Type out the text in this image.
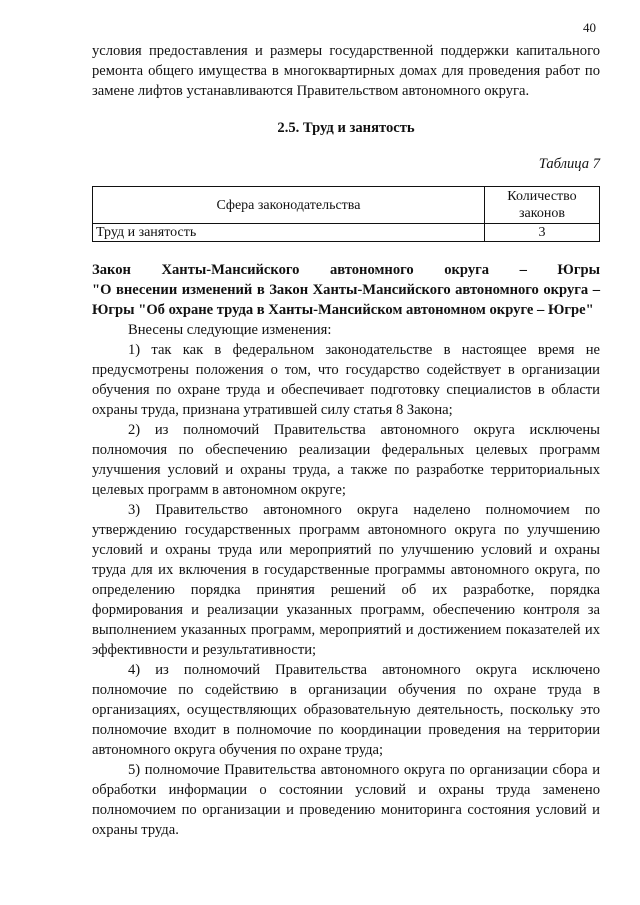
40

условия предоставления и размеры государственной поддержки капитального ремонта общего имущества в многоквартирных домах для проведения работ по замене лифтов устанавливаются Правительством автономного округа.

2.5. Труд и занятость
Таблица 7
Сфера законодательства	Количество законов
Труд и занятость	3

Закон Ханты-Мансийского автономного округа – Югры
"О внесении изменений в Закон Ханты-Мансийского автономного округа – Югры "Об охране труда в Ханты-Мансийском автономном округе – Югре"

Внесены следующие изменения:

1) так как в федеральном законодательстве в настоящее время не предусмотрены положения о том, что государство содействует в организации обучения по охране труда и обеспечивает подготовку специалистов в области охраны труда, признана утратившей силу статья 8 Закона;

2) из полномочий Правительства автономного округа исключены полномочия по обеспечению реализации федеральных целевых программ улучшения условий и охраны труда, а также по разработке территориальных целевых программ в автономном округе;

3) Правительство автономного округа наделено полномочием по утверждению государственных программ автономного округа по улучшению условий и охраны труда или мероприятий по улучшению условий и охраны труда для их включения в государственные программы автономного округа, по определению порядка принятия решений об их разработке, порядка формирования и реализации указанных программ, обеспечению контроля за выполнением указанных программ, мероприятий и достижением показателей их эффективности и результативности;

4) из полномочий Правительства автономного округа исключено полномочие по содействию в организации обучения по охране труда в организациях, осуществляющих образовательную деятельность, поскольку это полномочие входит в полномочие по координации проведения на территории автономного округа обучения по охране труда;

5) полномочие Правительства автономного округа по организации сбора и обработки информации о состоянии условий и охраны труда заменено полномочием по организации и проведению мониторинга состояния условий и охраны труда.
